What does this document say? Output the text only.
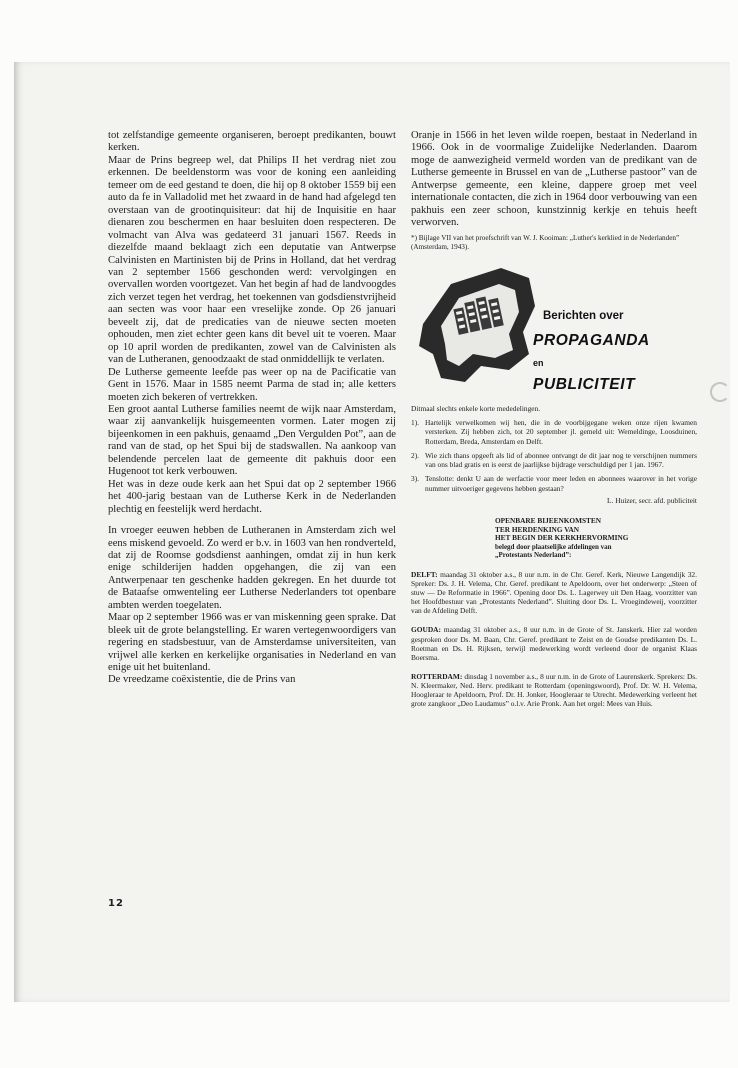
tot zelfstandige gemeente organiseren, beroept predikanten, bouwt kerken.

Maar de Prins begreep wel, dat Philips II het verdrag niet zou erkennen. De beeldenstorm was voor de koning een aanleiding temeer om de eed gestand te doen, die hij op 8 oktober 1559 bij een auto da fe in Valladolid met het zwaard in de hand had afgelegd ten overstaan van de grootinquisiteur: dat hij de Inquisitie en haar dienaren zou beschermen en haar besluiten doen respecteren. De volmacht van Alva was gedateerd 31 januari 1567. Reeds in diezelfde maand beklaagt zich een deputatie van Antwerpse Calvinisten en Martinisten bij de Prins in Holland, dat het verdrag van 2 september 1566 geschonden werd: vervolgingen en overvallen worden voortgezet. Van het begin af had de landvoogdes zich verzet tegen het verdrag, het toekennen van godsdienstvrijheid aan secten was voor haar een vreselijke zonde. Op 26 januari beveelt zij, dat de predicaties van de nieuwe secten moeten ophouden, men ziet echter geen kans dit bevel uit te voeren. Maar op 10 april worden de predikanten, zowel van de Calvinisten als van de Lutheranen, genoodzaakt de stad onmiddellijk te verlaten.

De Lutherse gemeente leefde pas weer op na de Pacificatie van Gent in 1576. Maar in 1585 neemt Parma de stad in; alle ketters moeten zich bekeren of vertrekken.

Een groot aantal Lutherse families neemt de wijk naar Amsterdam, waar zij aanvankelijk huisgemeenten vormen. Later mogen zij bijeenkomen in een pakhuis, genaamd „Den Vergulden Pot”, aan de rand van de stad, op het Spui bij de stadswallen. Na aankoop van belendende percelen laat de gemeente dit pakhuis door een Hugenoot tot kerk verbouwen.

Het was in deze oude kerk aan het Spui dat op 2 september 1966 het 400-jarig bestaan van de Lutherse Kerk in de Nederlanden plechtig en feestelijk werd herdacht.

In vroeger eeuwen hebben de Lutheranen in Amsterdam zich wel eens miskend gevoeld. Zo werd er b.v. in 1603 van hen rondverteld, dat zij de Roomse godsdienst aanhingen, omdat zij in hun kerk enige schilderijen hadden opgehangen, die zij van een Antwerpenaar ten geschenke hadden gekregen. En het duurde tot de Bataafse omwenteling eer Lutherse Nederlanders tot openbare ambten werden toegelaten.

Maar op 2 september 1966 was er van miskenning geen sprake. Dat bleek uit de grote belangstelling. Er waren vertegenwoordigers van regering en stadsbestuur, van de Amsterdamse universiteiten, van vrijwel alle kerken en kerkelijke organisaties in Nederland en van enige uit het buitenland.

De vreedzame coëxistentie, die de Prins van

Oranje in 1566 in het leven wilde roepen, bestaat in Nederland in 1966. Ook in de voormalige Zuidelijke Nederlanden. Daarom moge de aanwezigheid vermeld worden van de predikant van de Lutherse gemeente in Brussel en van de „Lutherse pastoor” van de Antwerpse gemeente, een kleine, dappere groep met veel internationale contacten, die zich in 1964 door verbouwing van een pakhuis een zeer schoon, kunstzinnig kerkje en tehuis heeft verworven.

*) Bijlage VII van het proefschrift van W. J. Kooiman: „Luther's kerklied in de Nederlanden” (Amsterdam, 1943).

Berichten over
PROPAGANDA
en
PUBLICITEIT

Ditmaal slechts enkele korte mededelingen.

1). Hartelijk verwelkomen wij hen, die in de voorbijgegane weken onze rijen kwamen versterken. Zij hebben zich, tot 20 september jl. gemeld uit: Wemeldinge, Loosduinen, Rotterdam, Breda, Amsterdam en Delft.
2). Wie zich thans opgeeft als lid of abonnee ontvangt de dit jaar nog te verschijnen nummers van ons blad gratis en is eerst de jaarlijkse bijdrage verschuldigd per 1 jan. 1967.
3). Tenslotte: denkt U aan de werfactie voor meer leden en abonnees waarover in het vorige nummer uitvoeriger gegevens hebben gestaan?

L. Huizer, secr. afd. publiciteit

OPENBARE BIJEENKOMSTEN
TER HERDENKING VAN
HET BEGIN DER KERKHERVORMING
belegd door plaatselijke afdelingen van
„Protestants Nederland”:

DELFT: maandag 31 oktober a.s., 8 uur n.m. in de Chr. Geref. Kerk, Nieuwe Langendijk 32. Spreker: Ds. J. H. Velema, Chr. Geref. predikant te Apeldoorn, over het onderwerp: „Steen of stuw — De Reformatie in 1966”. Opening door Ds. L. Lagerwey uit Den Haag, voorzitter van het Hoofdbestuur van „Protestants Nederland”. Sluiting door Ds. L. Vroegindeweij, voorzitter van de Afdeling Delft.

GOUDA: maandag 31 oktober a.s., 8 uur n.m. in de Grote of St. Janskerk. Hier zal worden gesproken door Ds. M. Baan, Chr. Geref. predikant te Zeist en de Goudse predikanten Ds. L. Roetman en Ds. H. Rijksen, terwijl medewerking wordt verleend door de organist Klaas Boersma.

ROTTERDAM: dinsdag 1 november a.s., 8 uur n.m. in de Grote of Laurenskerk. Sprekers: Ds. N. Kleermaker, Ned. Herv. predikant te Rotterdam (openingswoord), Prof. Dr. W. H. Velema, Hoogleraar te Apeldoorn, Prof. Dr. H. Jonker, Hoogleraar te Utrecht. Medewerking verleent het grote zangkoor „Deo Laudamus” o.l.v. Arie Pronk. Aan het orgel: Mees van Huis.

12
